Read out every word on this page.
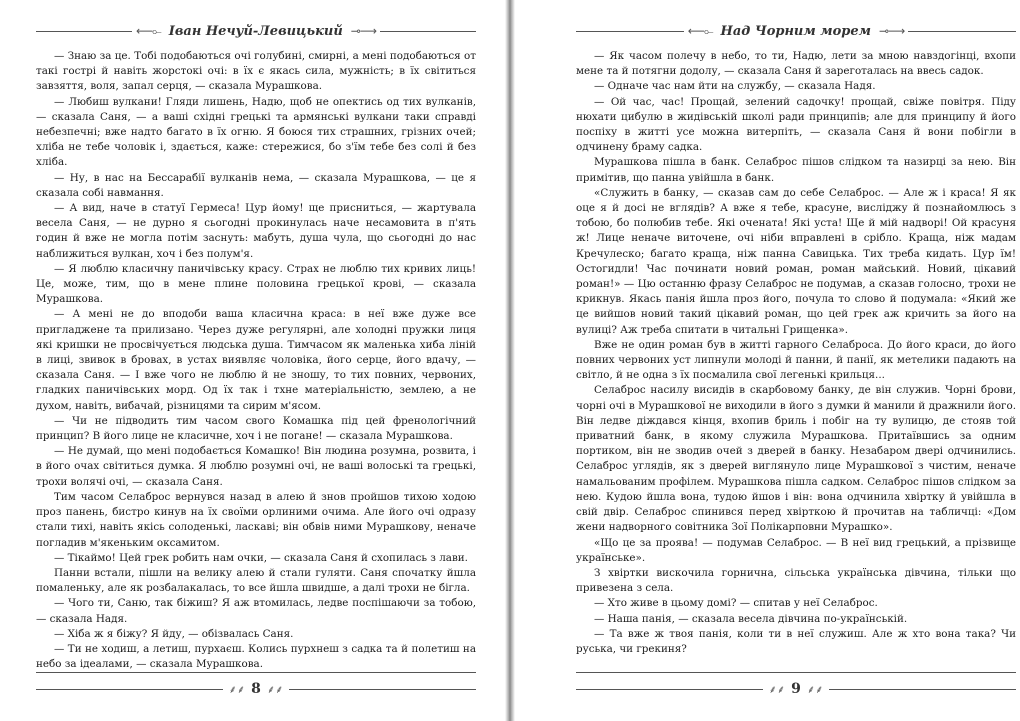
⟵⟜ Іван Нечуй-Левицький ⊸⟶

— Знаю за це. Тобі подобаються очі голубині, смирні, а мені подобаються от такі гострі й навіть жорстокі очі: в їх є якась сила, мужність; в їх світиться завзяття, воля, запал серця, — сказала Мурашкова.

— Любиш вулкани! Гляди лишень, Надю, щоб не опектись од тих вулканів, — сказала Саня, — а ваші східні грецькі та армянські вулкани таки справді небезпечні; вже надто багато в їх огню. Я боюся тих страшних, грізних очей; хліба не тебе чоловік і, здається, каже: стережися, бо з'їм тебе без солі й без хліба.

— Ну, в нас на Бессарабії вулканів нема, — сказала Мурашкова, — це я сказала собі навмання.

— А вид, наче в статуї Гермеса! Цур йому! ще присниться, — жартувала весела Саня, — не дурно я сьогодні прокинулась наче несамовита в п'ять годин й вже не могла потім заснуть: мабуть, душа чула, що сьогодні до нас наближиться вулкан, хоч і без полум'я.

— Я люблю класичну паничівську красу. Страх не люблю тих кривих лиць! Це, може, тим, що в мене плине половина грецької крові, — сказала Мурашкова.

— А мені не до вподоби ваша класична краса: в неї вже дуже все пригладжене та прилизано. Через дуже регулярні, але холодні пружки лиця які кришки не просвічується людська душа. Тимчасом як маленька хиба ліній в лиці, звивок в бровах, в устах виявляє чоловіка, його серце, його вдачу, — сказала Саня. — І вже чого не люблю й не зношу, то тих повних, червоних, гладких паничівських морд. Од їх так і тхне матеріальністю, землею, а не духом, навіть, вибачай, різницями та сирим м'ясом.

— Чи не підводить тим часом свого Комашка під цей френологічний принцип? В його лице не класичне, хоч і не погане! — сказала Мурашкова.

— Не думай, що мені подобається Комашко! Він людина розумна, розвита, і в його очах світиться думка. Я люблю розумні очі, не ваші волоські та грецькі, трохи волячі очі, — сказала Саня.

Тим часом Селаброс вернувся назад в алею й знов пройшов тихою ходою проз панень, бистро кинув на їх своїми орлиними очима. Але його очі одразу стали тихі, навіть якісь солоденькі, ласкаві; він обвів ними Мурашкову, неначе погладив м'якеньким оксамитом.

— Тікаймо! Цей грек робить нам очки, — сказала Саня й схопилась з лави.

Панни встали, пішли на велику алею й стали гуляти. Саня спочатку йшла помаленьку, але як розбалакалась, то все йшла швидше, а далі трохи не бігла.

— Чого ти, Саню, так біжиш? Я аж втомилась, ледве поспішаючи за тобою, — сказала Надя.

— Хіба ж я біжу? Я йду, — обізвалась Саня.

— Ти не ходиш, а летиш, пурхаєш. Колись пурхнеш з садка та й полетиш на небо за ідеалами, — сказала Мурашкова.

⸙⸙ 8 ⸙⸙
⟵⟜ Над Чорним морем ⊸⟶

— Як часом полечу в небо, то ти, Надю, лети за мною навздогінці, вхопи мене та й потягни додолу, — сказала Саня й зареготалась на ввесь садок.

— Одначе час нам йти на службу, — сказала Надя.

— Ой час, час! Прощай, зелений садочку! прощай, свіже повітря. Піду нюхати цибулю в жидівській школі ради принципів; але для принципу й його поспіху в житті усе можна витерпіть, — сказала Саня й вони побігли в одчинену браму садка.

Мурашкова пішла в банк. Селаброс пішов слідком та назирці за нею. Він примітив, що панна увійшла в банк.

«Служить в банку, — сказав сам до себе Селаброс. — Але ж і краса! Я як оце я й досі не вглядів? А вже я тебе, красуне, висліджу й познайомлюсь з тобою, бо полюбив тебе. Які очената! Які уста! Ще й мій надворі! Ой красуня ж! Лице неначе виточене, очі ніби вправлені в срібло. Краща, ніж мадам Кречулеско; багато краща, ніж панна Савицька. Тих треба кидать. Цур їм! Остогидли! Час починати новий роман, роман майський. Новий, цікавий роман!» — Цю останню фразу Селаброс не подумав, а сказав голосно, трохи не крикнув. Якась панія йшла проз його, почула то слово й подумала: «Який же це вийшов новий такий цікавий роман, що цей грек аж кричить за його на вулиці? Аж треба спитати в читальні Грищенка».

Вже не один роман був в житті гарного Селаброса. До його краси, до його повних червоних уст липнули молоді й панни, й панії, як метелики падають на світло, й не одна з їх посмалила свої легенькі крильця...

Селаброс насилу висидів в скарбовому банку, де він служив. Чорні брови, чорні очі в Мурашкової не виходили в його з думки й манили й дражнили його. Він ледве діждався кінця, вхопив бриль і побіг на ту вулицю, де стояв той приватний банк, в якому служила Мурашкова. Притаївшись за одним портиком, він не зводив очей з дверей в банку. Незабаром двері одчинились. Селаброс углядів, як з дверей виглянуло лице Мурашкової з чистим, неначе намальованим профілем. Мурашкова пішла садком. Селаброс пішов слідком за нею. Кудою йшла вона, тудою йшов і він: вона одчинила хвіртку й увійшла в свій двір. Селаброс спинився перед хвірткою й прочитав на табличці: «Дом жени надворного совітника Зої Полікарповни Мурашко».

«Що це за проява! — подумав Селаброс. — В неї вид грецький, а прізвище українське».

З хвіртки вискочила горнична, сільська українська дівчина, тільки що привезена з села.

— Хто живе в цьому домі? — спитав у неї Селаброс.

— Наша панія, — сказала весела дівчина по-українській.

— Та вже ж твоя панія, коли ти в неї служиш. Але ж хто вона така? Чи руська, чи грекиня?

⸙⸙ 9 ⸙⸙
